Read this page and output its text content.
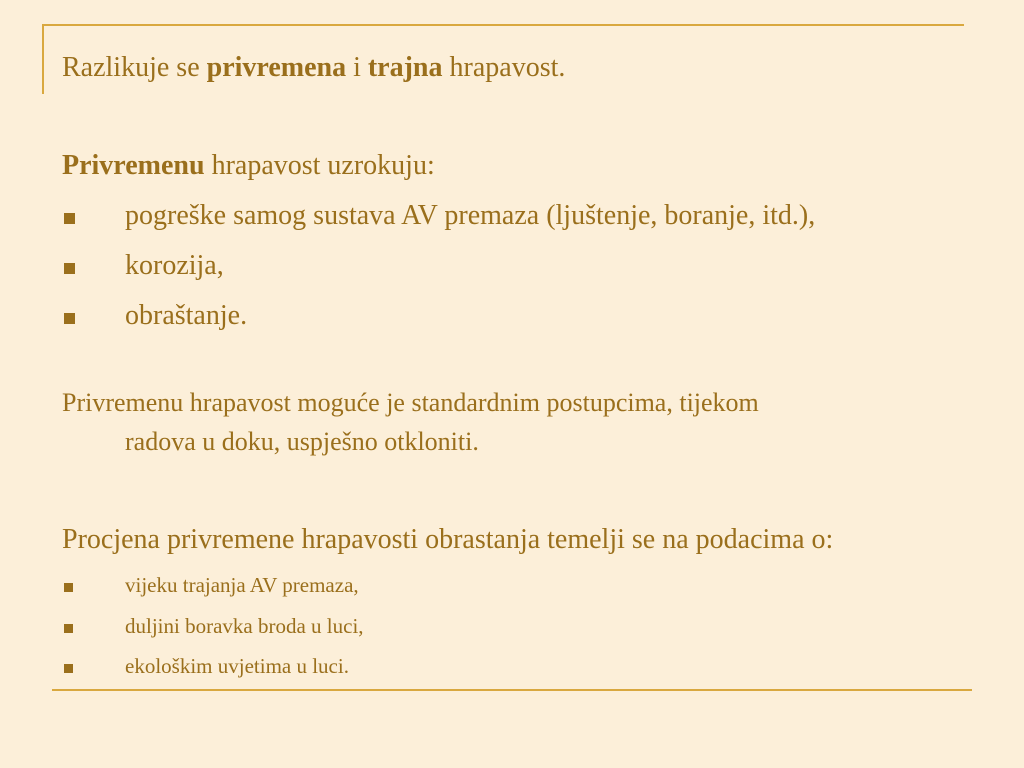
Razlikuje se privremena i trajna hrapavost.

Privremenu hrapavost uzrokuju:

pogreške samog sustava AV premaza (ljuštenje, boranje, itd.),
korozija,
obraštanje.

Privremenu hrapavost moguće je standardnim postupcima, tijekom
radova u doku, uspješno otkloniti.

Procjena privremene hrapavosti obrastanja temelji se na podacima o:

vijeku trajanja AV premaza,
duljini boravka broda u luci,
ekološkim uvjetima u luci.
